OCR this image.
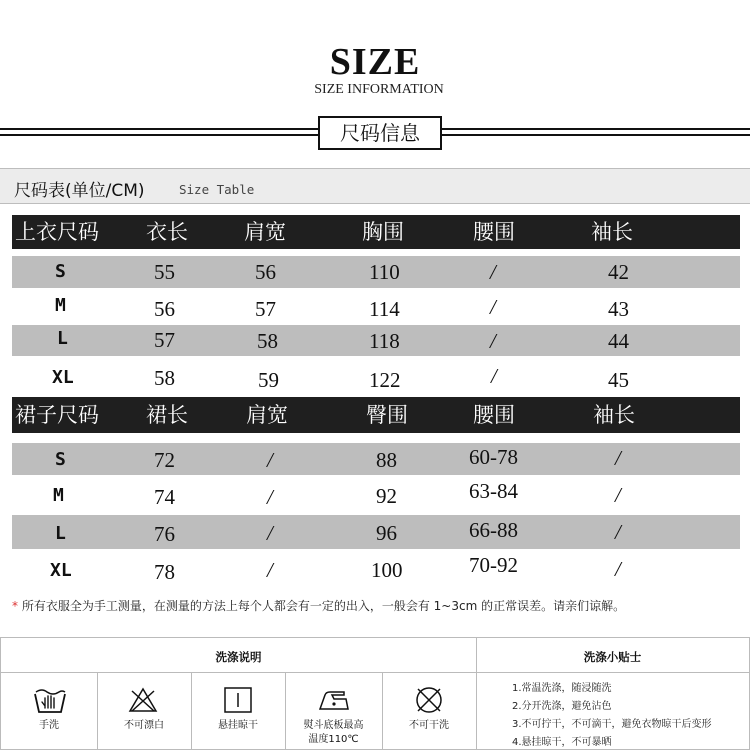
SIZE
SIZE INFORMATION
尺码信息
尺码表(单位/CM)	Size Table
上衣尺码 衣长	肩宽	胸围	腰围	袖长
S	55	56	110	/	42
M	56	57	114	/	43
L	57	58	118	/	44
XL	58	59	122	/	45
裙子尺码 裙长	肩宽	臀围	腰围	袖长
S	72	/	88	60-78	/
M	74	/	92	63-84	/
L	76	/	96	66-88	/
XL	78	/	100	70-92	/
* 所有衣服全为手工测量，在测量的方法上每个人都会有一定的出入，一般会有 1~3cm 的正常误差。请亲们谅解。
洗涤说明	洗涤小贴士
手洗	不可漂白	悬挂晾干	熨斗底板最高
温度110℃
不可干洗
1.常温洗涤，随浸随洗
2.分开洗涤，避免沾色
3.不可拧干，不可滴干，避免衣物晾干后变形
4.悬挂晾干，不可暴晒
